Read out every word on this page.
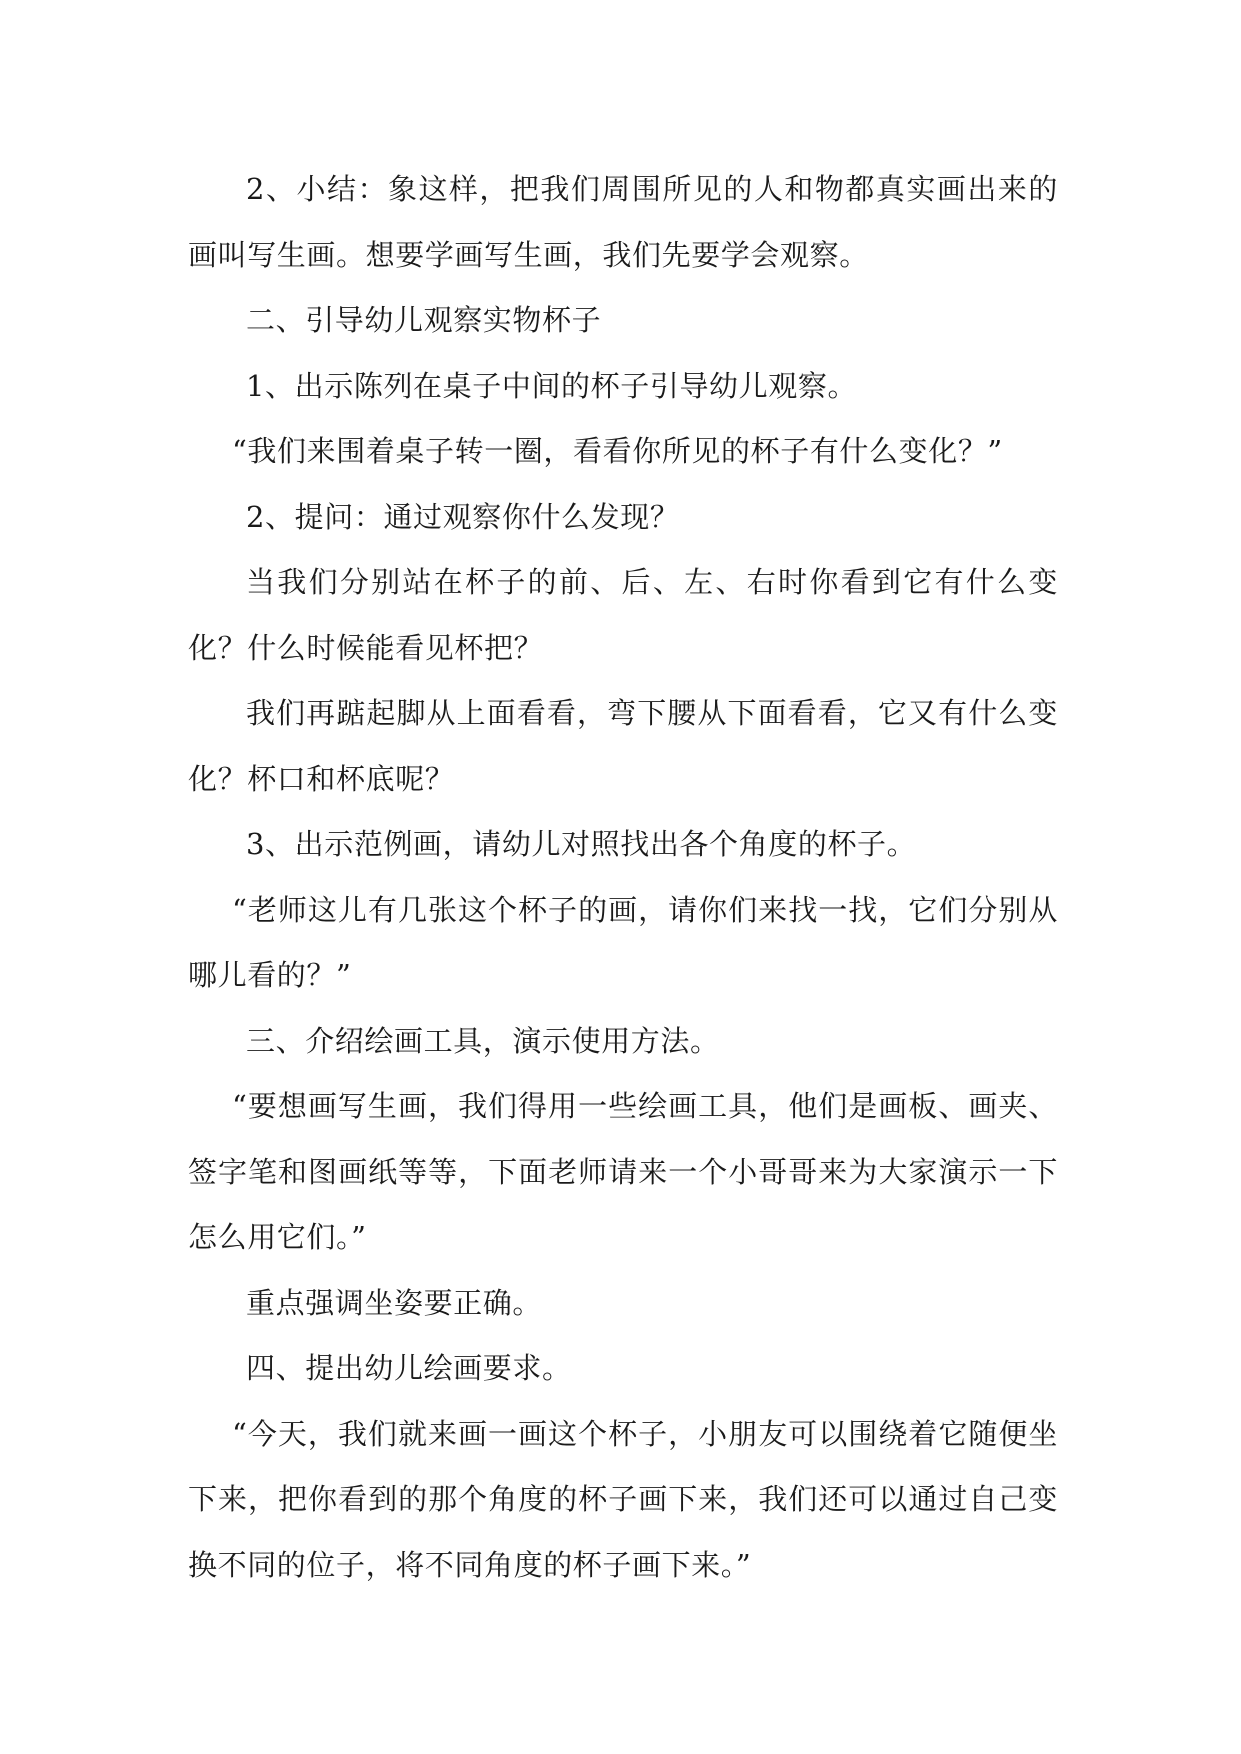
2、小结：象这样，把我们周围所见的人和物都真实画出来的画叫写生画。想要学画写生画，我们先要学会观察。

二、引导幼儿观察实物杯子

1、出示陈列在桌子中间的杯子引导幼儿观察。

“我们来围着桌子转一圈，看看你所见的杯子有什么变化？”

2、提问：通过观察你什么发现？

当我们分别站在杯子的前、后、左、右时你看到它有什么变化？什么时候能看见杯把？

我们再踮起脚从上面看看，弯下腰从下面看看，它又有什么变化？杯口和杯底呢？

3、出示范例画，请幼儿对照找出各个角度的杯子。

“老师这儿有几张这个杯子的画，请你们来找一找，它们分别从哪儿看的？”

三、介绍绘画工具，演示使用方法。

“要想画写生画，我们得用一些绘画工具，他们是画板、画夹、签字笔和图画纸等等，下面老师请来一个小哥哥来为大家演示一下怎么用它们。”

重点强调坐姿要正确。

四、提出幼儿绘画要求。

“今天，我们就来画一画这个杯子，小朋友可以围绕着它随便坐下来，把你看到的那个角度的杯子画下来，我们还可以通过自己变换不同的位子，将不同角度的杯子画下来。”
